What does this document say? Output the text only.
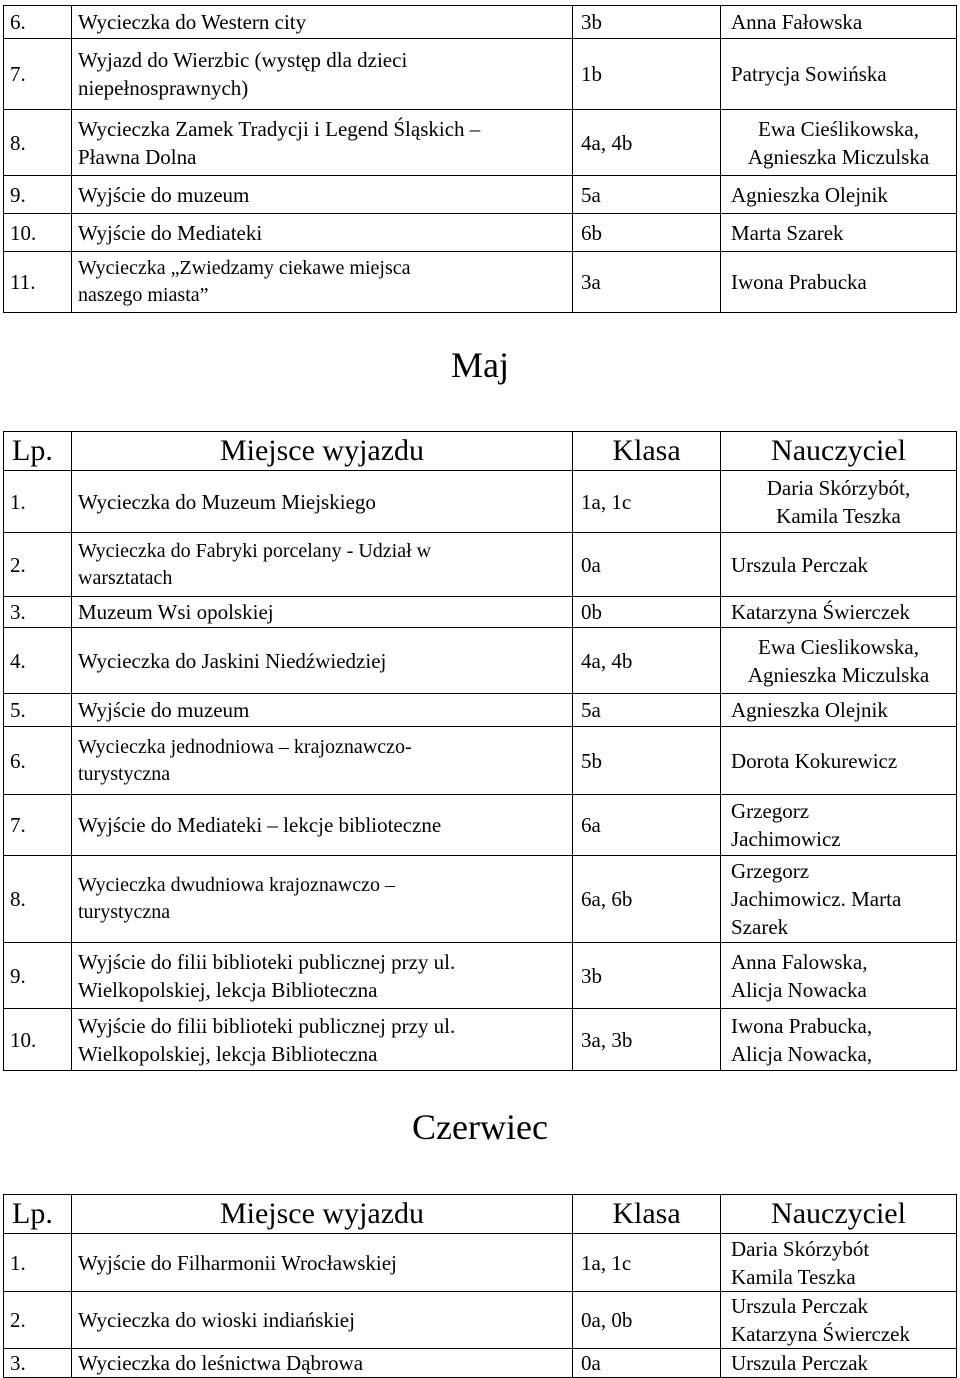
6.	Wycieczka do Western city	3b	Anna Fałowska
7.	Wyjazd do Wierzbic (występ dla dzieci
niepełnosprawnych)	1b	Patrycja Sowińska
8.	Wycieczka Zamek Tradycji i Legend Śląskich –
Pławna Dolna	4a, 4b	Ewa Cieślikowska,
Agnieszka Miczulska
9.	Wyjście do muzeum	5a	Agnieszka Olejnik
10.	Wyjście do Mediateki	6b	Marta Szarek
11.	Wycieczka „Zwiedzamy ciekawe miejsca
naszego miasta”	3a	Iwona Prabucka
Maj
Lp.	Miejsce wyjazdu	Klasa	Nauczyciel
1.	Wycieczka do Muzeum Miejskiego	1a, 1c	Daria Skórzybót,
Kamila Teszka
2.	Wycieczka do Fabryki porcelany - Udział w
warsztatach	0a	Urszula Perczak
3.	Muzeum Wsi opolskiej	0b	Katarzyna Świerczek
4.	Wycieczka do Jaskini Niedźwiedziej	4a, 4b	Ewa Cieslikowska,
Agnieszka Miczulska
5.	Wyjście do muzeum	5a	Agnieszka Olejnik
6.	Wycieczka jednodniowa – krajoznawczo-
turystyczna	5b	Dorota Kokurewicz
7.	Wyjście do Mediateki – lekcje biblioteczne	6a	Grzegorz
Jachimowicz
8.	Wycieczka dwudniowa krajoznawczo –
turystyczna	6a, 6b	Grzegorz
Jachimowicz. Marta
Szarek
9.	Wyjście do filii biblioteki publicznej przy ul.
Wielkopolskiej, lekcja Biblioteczna	3b	Anna Falowska,
Alicja Nowacka
10.	Wyjście do filii biblioteki publicznej przy ul.
Wielkopolskiej, lekcja Biblioteczna	3a, 3b	Iwona Prabucka,
Alicja Nowacka,
Czerwiec
Lp.	Miejsce wyjazdu	Klasa	Nauczyciel
1.	Wyjście do Filharmonii Wrocławskiej	1a, 1c	Daria Skórzybót
Kamila Teszka
2.	Wycieczka do wioski indiańskiej	0a, 0b	Urszula Perczak
Katarzyna Świerczek
3.	Wycieczka do leśnictwa Dąbrowa	0a	Urszula Perczak
